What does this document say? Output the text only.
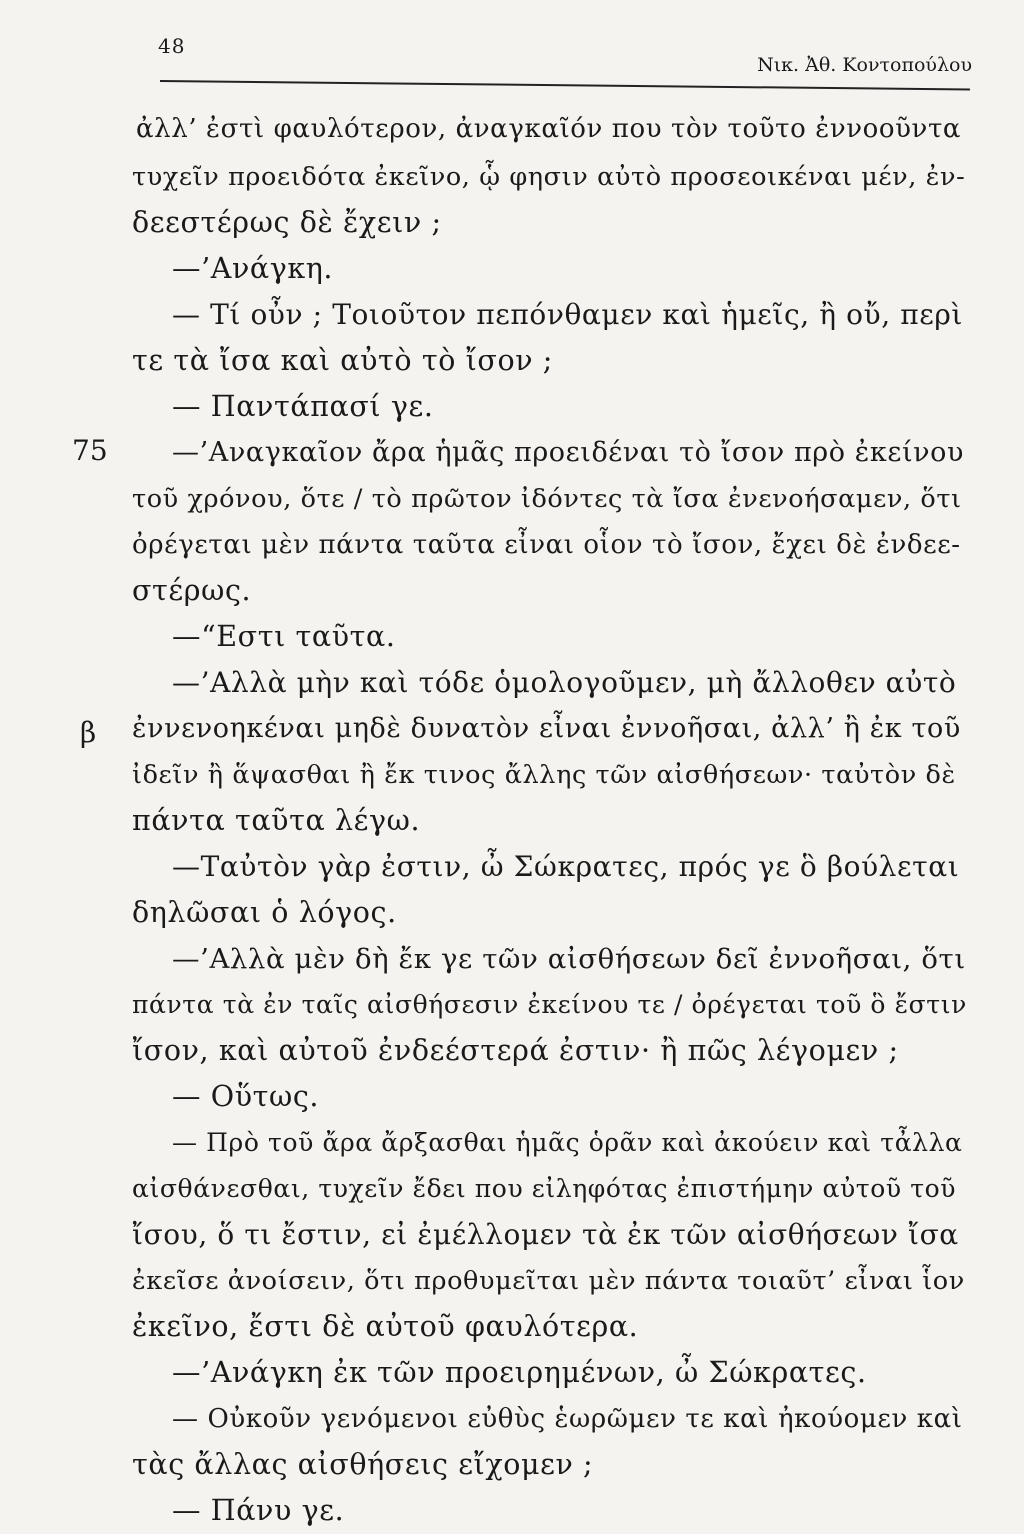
48
Νικ. Ἀθ. Κοντοπούλου
75
β
ἀλλ’ ἐστὶ φαυλότερον, ἀναγκαῖόν που τὸν τοῦτο ἐννοοῦντα
τυχεῖν προειδότα ἐκεῖνο, ᾧ φησιν αὐτὸ προσεοικέναι μέν, ἐν-
δεεστέρως δὲ ἔχειν ;
—’Ανάγκη.
— Τί οὖν ; Τοιοῦτον πεπόνθαμεν καὶ ἡμεῖς, ἢ οὔ, περὶ
τε τὰ ἴσα καὶ αὐτὸ τὸ ἴσον ;
— Παντάπασί γε.
—’Αναγκαῖον ἄρα ἡμᾶς προειδέναι τὸ ἴσον πρὸ ἐκείνου
τοῦ χρόνου, ὅτε / τὸ πρῶτον ἰδόντες τὰ ἴσα ἐνενοήσαμεν, ὅτι
ὀρέγεται μὲν πάντα ταῦτα εἶναι οἷον τὸ ἴσον, ἔχει δὲ ἐνδεε-
στέρως.
—“Εστι ταῦτα.
—’Αλλὰ μὴν καὶ τόδε ὁμολογοῦμεν, μὴ ἄλλοθεν αὐτὸ
ἐννενοηκέναι μηδὲ δυνατὸν εἶναι ἐννοῆσαι, ἀλλ’ ἢ ἐκ τοῦ
ἰδεῖν ἢ ἅψασθαι ἢ ἔκ τινος ἄλλης τῶν αἰσθήσεων· ταὐτὸν δὲ
πάντα ταῦτα λέγω.
—Ταὐτὸν γὰρ ἐστιν, ὦ Σώκρατες, πρός γε ὃ βούλεται
δηλῶσαι ὁ λόγος.
—’Αλλὰ μὲν δὴ ἔκ γε τῶν αἰσθήσεων δεῖ ἐννοῆσαι, ὅτι
πάντα τὰ ἐν ταῖς αἰσθήσεσιν ἐκείνου τε / ὀρέγεται τοῦ ὃ ἔστιν
ἴσον, καὶ αὐτοῦ ἐνδεέστερά ἐστιν· ἢ πῶς λέγομεν ;
— Οὕτως.
— Πρὸ τοῦ ἄρα ἄρξασθαι ἡμᾶς ὁρᾶν καὶ ἀκούειν καὶ τἆλλα
αἰσθάνεσθαι, τυχεῖν ἔδει που εἰληφότας ἐπιστήμην αὐτοῦ τοῦ
ἴσου, ὅ τι ἔστιν, εἰ ἐμέλλομεν τὰ ἐκ τῶν αἰσθήσεων ἴσα
ἐκεῖσε ἀνοίσειν, ὅτι προθυμεῖται μὲν πάντα τοιαῦτ’ εἶναι ἷον
ἐκεῖνο, ἔστι δὲ αὐτοῦ φαυλότερα.
—’Ανάγκη ἐκ τῶν προειρημένων, ὦ Σώκρατες.
— Οὐκοῦν γενόμενοι εὐθὺς ἑωρῶμεν τε καὶ ἠκούομεν καὶ
τὰς ἄλλας αἰσθήσεις εἴχομεν ;
— Πάνυ γε.
